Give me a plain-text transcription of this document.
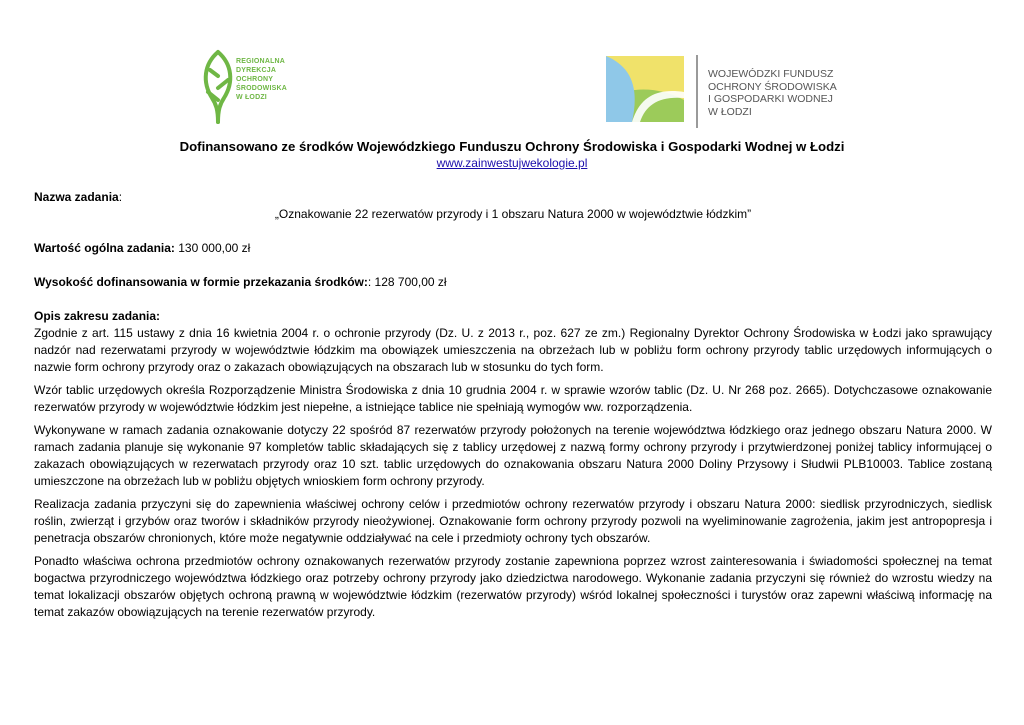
REGIONALNA
DYREKCJA
OCHRONY
ŚRODOWISKA
W ŁODZI
WOJEWÓDZKI FUNDUSZ
OCHRONY ŚRODOWISKA
I GOSPODARKI WODNEJ
W ŁODZI
Dofinansowano ze środków Wojewódzkiego Funduszu Ochrony Środowiska i Gospodarki Wodnej w Łodzi
www.zainwestujwekologie.pl

Nazwa zadania:

„Oznakowanie 22 rezerwatów przyrody i 1 obszaru Natura 2000 w województwie łódzkim”

Wartość ogólna zadania: 130 000,00 zł

Wysokość dofinansowania w formie przekazania środków:: 128 700,00 zł

Opis zakresu zadania:

Zgodnie z art. 115 ustawy z dnia 16 kwietnia 2004 r. o ochronie przyrody (Dz. U. z 2013 r., poz. 627 ze zm.) Regionalny Dyrektor Ochrony Środowiska w Łodzi jako sprawujący nadzór nad rezerwatami przyrody w województwie łódzkim ma obowiązek umieszczenia na obrzeżach lub w pobliżu form ochrony przyrody tablic urzędowych informujących o nazwie form ochrony przyrody oraz o zakazach obowiązujących na obszarach lub w stosunku do tych form.

Wzór tablic urzędowych określa Rozporządzenie Ministra Środowiska z dnia 10 grudnia 2004 r. w sprawie wzorów tablic (Dz. U. Nr 268 poz. 2665). Dotychczasowe oznakowanie rezerwatów przyrody w województwie łódzkim jest niepełne, a istniejące tablice nie spełniają wymogów ww. rozporządzenia.

Wykonywane w ramach zadania oznakowanie dotyczy 22 spośród 87 rezerwatów przyrody położonych na terenie województwa łódzkiego oraz jednego obszaru Natura 2000. W ramach zadania planuje się wykonanie 97 kompletów tablic składających się z tablicy urzędowej z nazwą formy ochrony przyrody i przytwierdzonej poniżej tablicy informującej o zakazach obowiązujących w rezerwatach przyrody oraz 10 szt. tablic urzędowych do oznakowania obszaru Natura 2000 Doliny Przysowy i Słudwii PLB10003. Tablice zostaną umieszczone na obrzeżach lub w pobliżu objętych wnioskiem form ochrony przyrody.

Realizacja zadania przyczyni się do zapewnienia właściwej ochrony celów i przedmiotów ochrony rezerwatów przyrody i obszaru Natura 2000: siedlisk przyrodniczych, siedlisk roślin, zwierząt i grzybów oraz tworów i składników przyrody nieożywionej. Oznakowanie form ochrony przyrody pozwoli na wyeliminowanie zagrożenia, jakim jest antropopresja i penetracja obszarów chronionych, które może negatywnie oddziaływać na cele i przedmioty ochrony tych obszarów.

Ponadto właściwa ochrona przedmiotów ochrony oznakowanych rezerwatów przyrody zostanie zapewniona poprzez wzrost zainteresowania i świadomości społecznej na temat bogactwa przyrodniczego województwa łódzkiego oraz potrzeby ochrony przyrody jako dziedzictwa narodowego. Wykonanie zadania przyczyni się również do wzrostu wiedzy na temat lokalizacji obszarów objętych ochroną prawną w województwie łódzkim (rezerwatów przyrody) wśród lokalnej społeczności i turystów oraz zapewni właściwą informację na temat zakazów obowiązujących na terenie rezerwatów przyrody.
